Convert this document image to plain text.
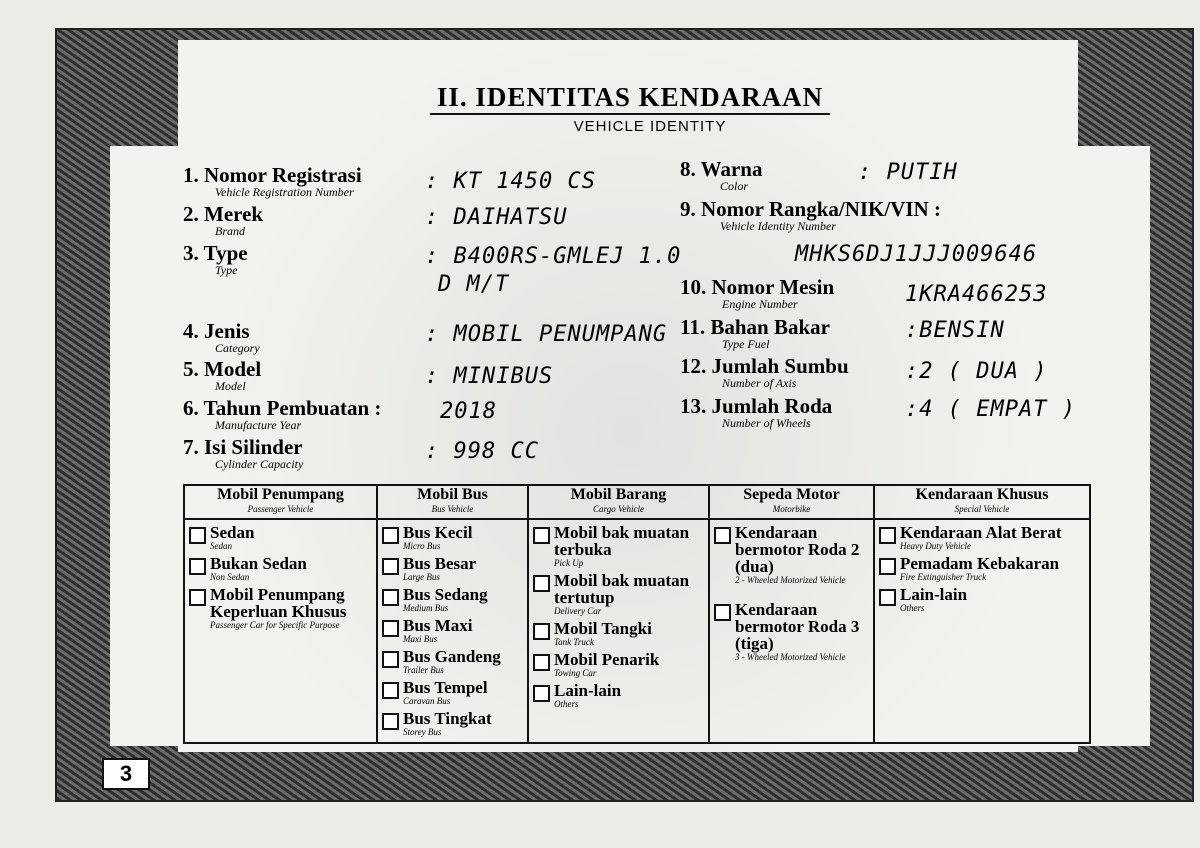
3
II. IDENTITAS KENDARAAN
VEHICLE IDENTITY
1. Nomor Registrasi
Vehicle Registration Number	: KT 1450 CS
2. Merek
Brand
: DAIHATSU
3. Type
Type
: B400RS-GMLEJ 1.0
D M/T
4. Jenis
Category
: MOBIL PENUMPANG
5. Model
Model	: MINIBUS
6. Tahun Pembuatan :
Manufacture Year
2018
7. Isi Silinder
Cylinder Capacity	: 998 CC
8. Warna
Color
: PUTIH
9. Nomor Rangka/NIK/VIN :
Vehicle Identity Number
MHKS6DJ1JJJ009646
10. Nomor Mesin
Engine Number	1KRA466253
11. Bahan Bakar
Type Fuel
:BENSIN
12. Jumlah Sumbu
Number of Axis	:2 ( DUA )
13. Jumlah Roda
Number of Wheels
:4 ( EMPAT )
Mobil Penumpang
Passenger Vehicle
Sedan
Sedan
Bukan Sedan
Non Sedan
Mobil Penumpang Keperluan Khusus
Passenger Car for Specific Purpose
Mobil Bus
Bus Vehicle
Bus Kecil
Micro Bus
Bus Besar
Large Bus
Bus Sedang
Medium Bus
Bus Maxi
Maxi Bus
Bus Gandeng
Trailer Bus
Bus Tempel
Caravan Bus
Bus Tingkat
Storey Bus
Mobil Barang
Cargo Vehicle
Mobil bak muatan terbuka
Pick Up
Mobil bak muatan tertutup
Delivery Car
Mobil Tangki
Tank Truck
Mobil Penarik
Towing Car
Lain-lain
Others
Sepeda Motor
Motorbike
Kendaraan bermotor Roda 2 (dua)
2 - Wheeled Motorized Vehicle
Kendaraan bermotor Roda 3 (tiga)
3 - Wheeled Motorized Vehicle
Kendaraan Khusus
Special Vehicle
Kendaraan Alat Berat
Heavy Duty Vehicle
Pemadam Kebakaran
Fire Extinguisher Truck
Lain-lain
Others
